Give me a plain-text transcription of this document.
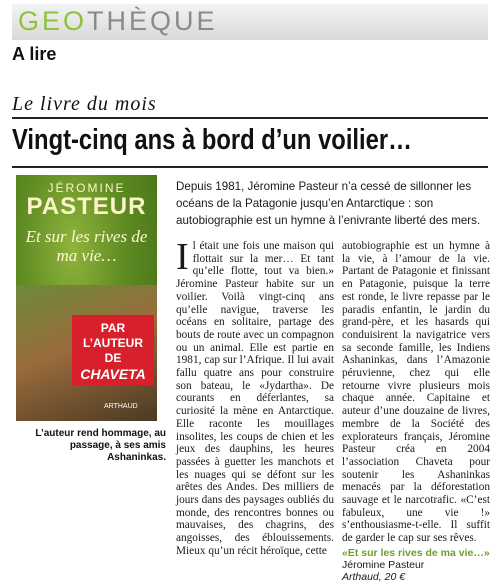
GEOTHÈQUE
A lire
Le livre du mois
Vingt-cinq ans à bord d’un voilier…
JÉROMINE
PASTEUR
Et sur les rives de ma vie…
PAR
L’AUTEUR
DE
CHAVETA
ARTHAUD
L’auteur rend hommage, au passage, à ses amis Ashaninkas.
Depuis 1981, Jéromine Pasteur n’a cessé de sillonner les océans de la Patagonie jusqu’en Antarctique : son autobiographie est un hymne à l’enivrante liberté des mers.
I l était une fois une maison qui flottait sur la mer… Et tant qu’elle flotte, tout va bien.» Jéromine Pasteur habite sur un voilier. Voilà vingt-cinq ans qu’elle navigue, traverse les océans en solitaire, partage des bouts de route avec un compagnon ou un animal. Elle est partie en 1981, cap sur l’Afrique. Il lui avait fallu quatre ans pour construire son bateau, le «Jydartha». De courants en déferlantes, sa curiosité la mène en Antarctique. Elle raconte les mouillages insolites, les coups de chien et les jeux des dauphins, les heures passées à guetter les manchots et les nuages qui se défont sur les arêtes des Andes. Des milliers de jours dans des paysages oubliés du monde, des rencontres bonnes ou mauvaises, des chagrins, des angoisses, des éblouissements. Mieux qu’un récit héroïque, cette

autobiographie est un hymne à la vie, à l’amour de la vie. Partant de Patagonie et finissant en Patagonie, puisque la terre est ronde, le livre repasse par le paradis enfantin, le jardin du grand-père, et les hasards qui conduisirent la navigatrice vers sa seconde famille, les Indiens Ashaninkas, dans l’Amazonie péruvienne, chez qui elle retourne vivre plusieurs mois chaque année. Capitaine et auteur d’une douzaine de livres, membre de la Société des explorateurs français, Jéromine Pasteur créa en 2004 l’association Chaveta pour soutenir les Ashaninkas menacés par la déforestation sauvage et le narcotrafic. «C’est fabuleux, une vie !» s’enthousiasme-t-elle. Il suffit de garder le cap sur ses rêves.

«Et sur les rives de ma vie…»
Jéromine Pasteur
Arthaud, 20 €
